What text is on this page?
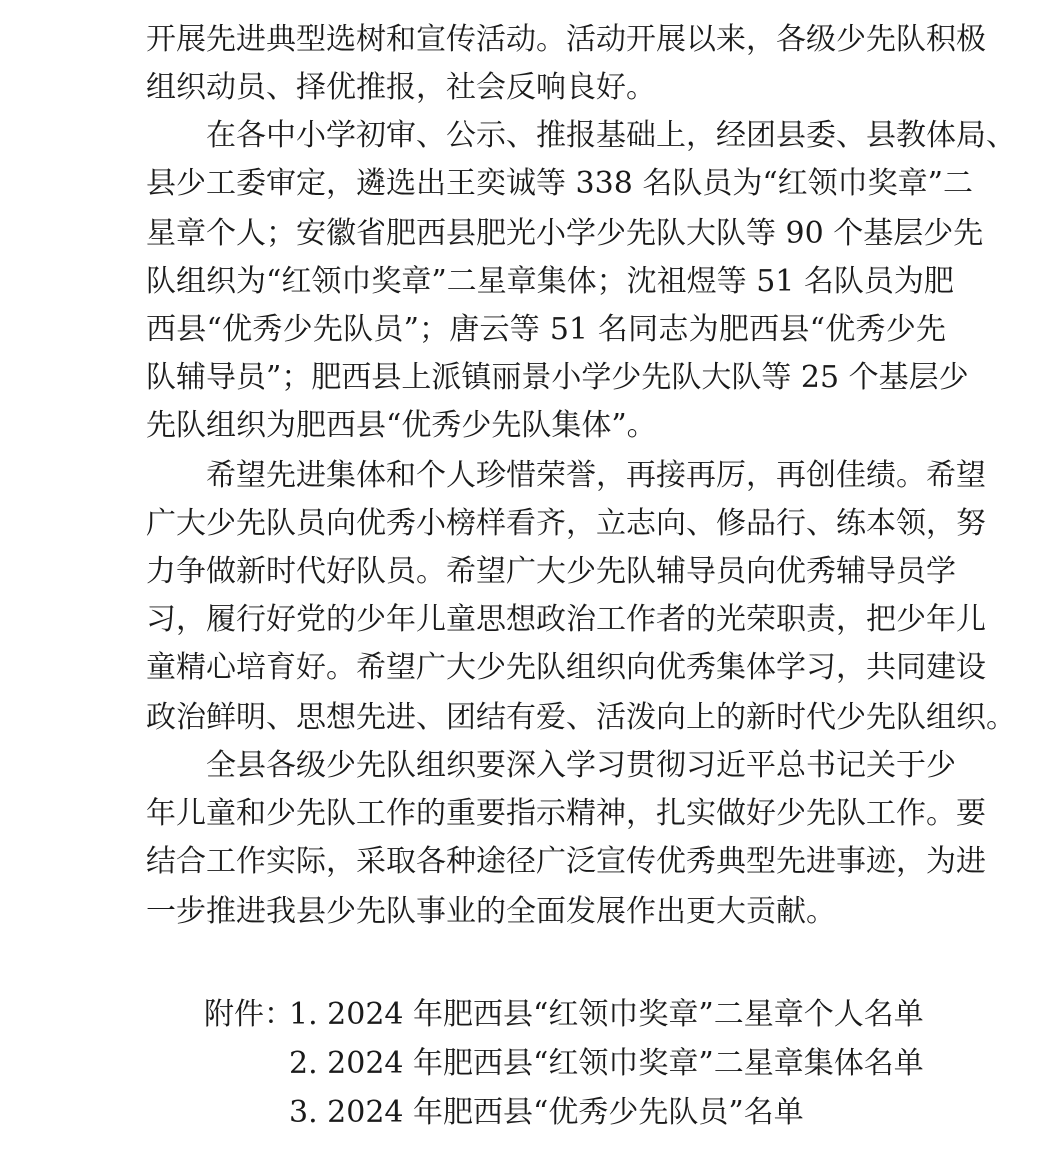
开展先进典型选树和宣传活动。活动开展以来，各级少先队积极
组织动员、择优推报，社会反响良好。
在各中小学初审、公示、推报基础上，经团县委、县教体局、
县少工委审定，遴选出王奕诚等 338 名队员为“红领巾奖章”二
星章个人；安徽省肥西县肥光小学少先队大队等 90 个基层少先
队组织为“红领巾奖章”二星章集体；沈祖煜等 51 名队员为肥
西县“优秀少先队员”；唐云等 51 名同志为肥西县“优秀少先
队辅导员”；肥西县上派镇丽景小学少先队大队等 25 个基层少
先队组织为肥西县“优秀少先队集体”。
希望先进集体和个人珍惜荣誉，再接再厉，再创佳绩。希望
广大少先队员向优秀小榜样看齐，立志向、修品行、练本领，努
力争做新时代好队员。希望广大少先队辅导员向优秀辅导员学
习，履行好党的少年儿童思想政治工作者的光荣职责，把少年儿
童精心培育好。希望广大少先队组织向优秀集体学习，共同建设
政治鲜明、思想先进、团结有爱、活泼向上的新时代少先队组织。
全县各级少先队组织要深入学习贯彻习近平总书记关于少
年儿童和少先队工作的重要指示精神，扎实做好少先队工作。要
结合工作实际，采取各种途径广泛宣传优秀典型先进事迹，为进
一步推进我县少先队事业的全面发展作出更大贡献。
附件：
1. 2024 年肥西县“红领巾奖章”二星章个人名单
2. 2024 年肥西县“红领巾奖章”二星章集体名单
3. 2024 年肥西县“优秀少先队员”名单
